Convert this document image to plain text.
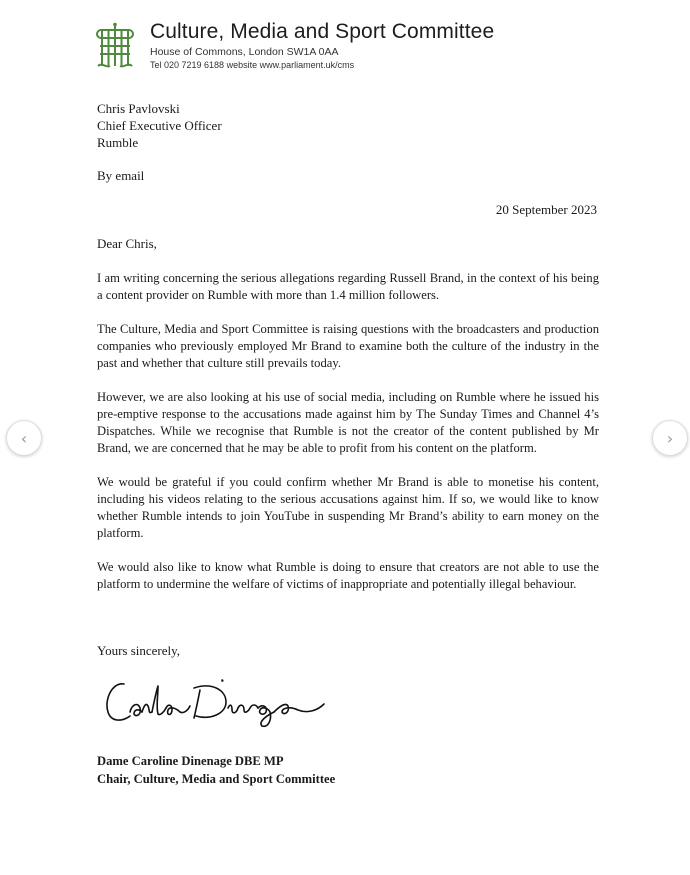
Culture, Media and Sport Committee
House of Commons, London SW1A 0AA
Tel 020 7219 6188 website www.parliament.uk/cms
Chris Pavlovski
Chief Executive Officer
Rumble
By email
20 September 2023
Dear Chris,

I am writing concerning the serious allegations regarding Russell Brand, in the context of his being a content provider on Rumble with more than 1.4 million followers.

The Culture, Media and Sport Committee is raising questions with the broadcasters and production companies who previously employed Mr Brand to examine both the culture of the industry in the past and whether that culture still prevails today.

However, we are also looking at his use of social media, including on Rumble where he issued his pre-emptive response to the accusations made against him by The Sunday Times and Channel 4’s Dispatches. While we recognise that Rumble is not the creator of the content published by Mr Brand, we are concerned that he may be able to profit from his content on the platform.

We would be grateful if you could confirm whether Mr Brand is able to monetise his content, including his videos relating to the serious accusations against him. If so, we would like to know whether Rumble intends to join YouTube in suspending Mr Brand’s ability to earn money on the platform.

We would also like to know what Rumble is doing to ensure that creators are not able to use the platform to undermine the welfare of victims of inappropriate and potentially illegal behaviour.

Yours sincerely,
Dame Caroline Dinenage DBE MP
Chair, Culture, Media and Sport Committee
‹	›
